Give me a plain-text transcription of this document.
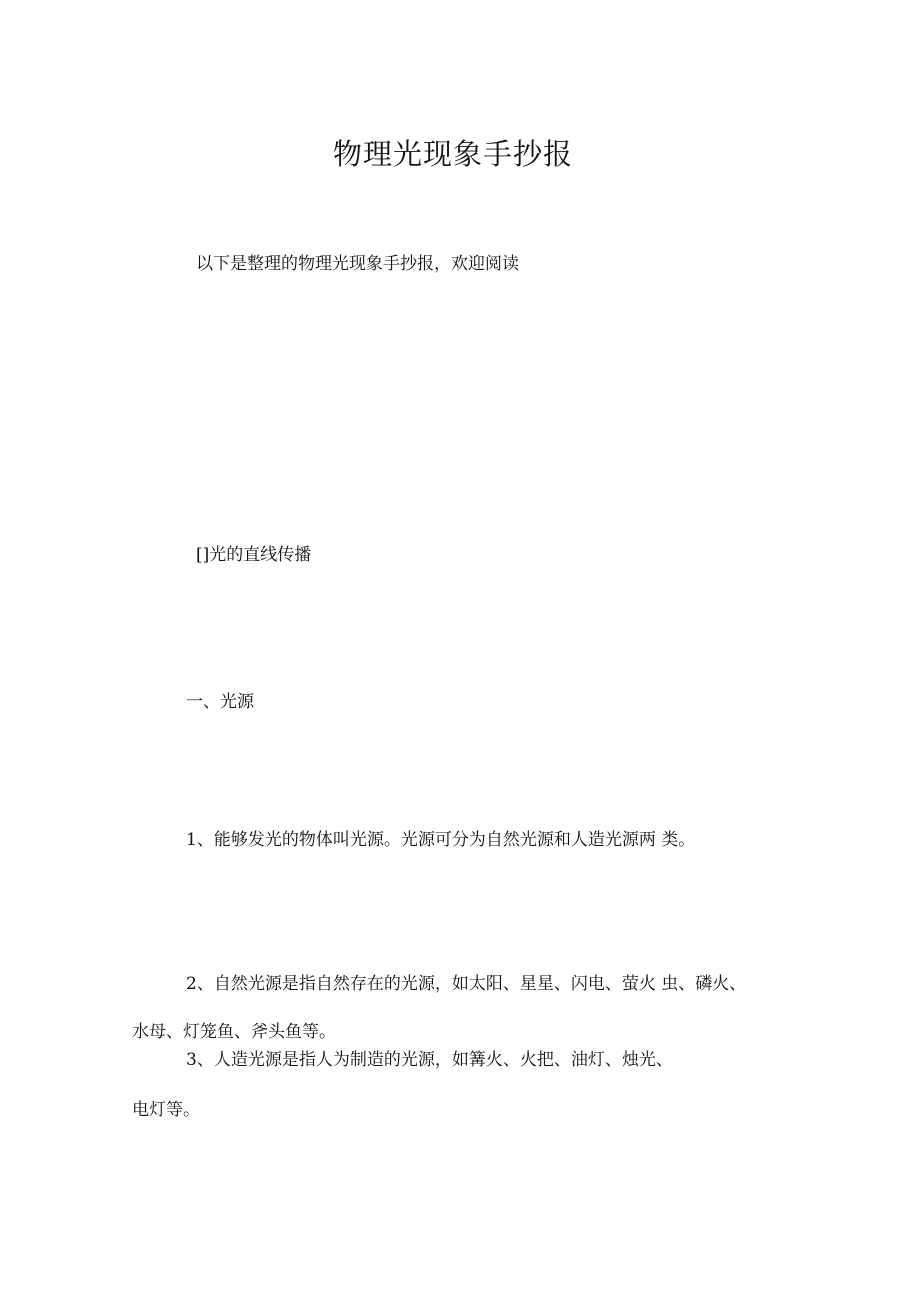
物理光现象手抄报
以下是整理的物理光现象手抄报，欢迎阅读
[]光的直线传播
一、光源
1、能够发光的物体叫光源。光源可分为自然光源和人造光源两 类。
2、自然光源是指自然存在的光源，如太阳、星星、闪电、萤火 虫、磷火、
水母、灯笼鱼、斧头鱼等。
3、人造光源是指人为制造的光源，如篝火、火把、油灯、烛光、
电灯等。
